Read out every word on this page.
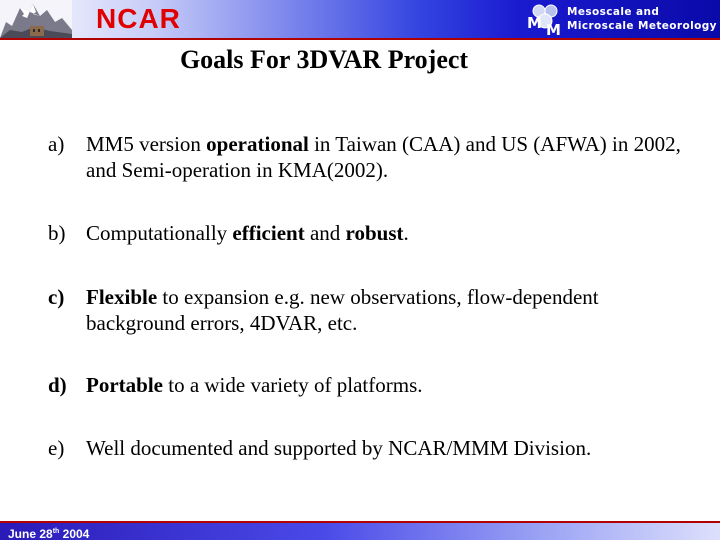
NCAR	M M
Mesoscale and
Microscale Meteorology
Goals For 3DVAR Project
a) MM5 version operational in Taiwan (CAA) and US (AFWA) in 2002, and Semi-operation in KMA(2002).
b) Computationally efficient and robust.
c) Flexible to expansion e.g. new observations, flow-dependent background errors, 4DVAR, etc.
d) Portable to a wide variety of platforms.
e) Well documented and supported by NCAR/MMM Division.
June 28th 2004
